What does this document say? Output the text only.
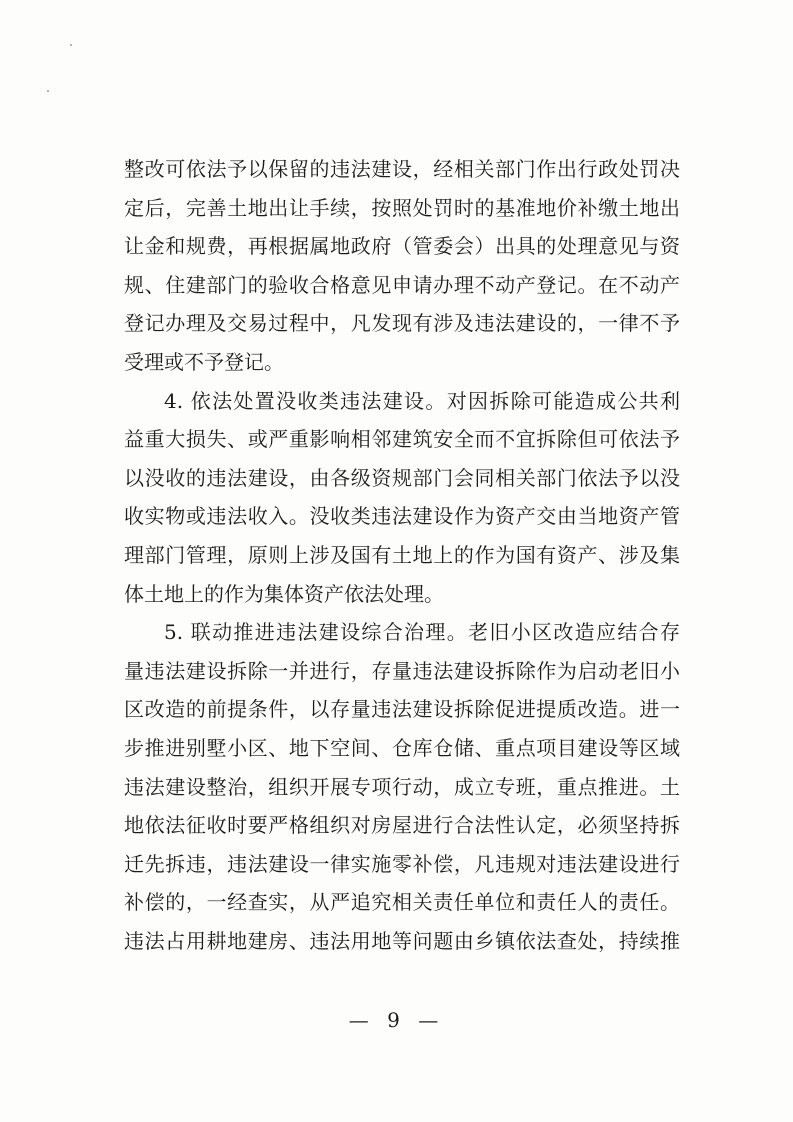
整改可依法予以保留的违法建设，经相关部门作出行政处罚决
定后，完善土地出让手续，按照处罚时的基准地价补缴土地出
让金和规费，再根据属地政府（管委会）出具的处理意见与资
规、住建部门的验收合格意见申请办理不动产登记。在不动产
登记办理及交易过程中，凡发现有涉及违法建设的，一律不予
受理或不予登记。
4. 依法处置没收类违法建设。对因拆除可能造成公共利
益重大损失、或严重影响相邻建筑安全而不宜拆除但可依法予
以没收的违法建设，由各级资规部门会同相关部门依法予以没
收实物或违法收入。没收类违法建设作为资产交由当地资产管
理部门管理，原则上涉及国有土地上的作为国有资产、涉及集
体土地上的作为集体资产依法处理。
5. 联动推进违法建设综合治理。老旧小区改造应结合存
量违法建设拆除一并进行，存量违法建设拆除作为启动老旧小
区改造的前提条件，以存量违法建设拆除促进提质改造。进一
步推进别墅小区、地下空间、仓库仓储、重点项目建设等区域
违法建设整治，组织开展专项行动，成立专班，重点推进。土
地依法征收时要严格组织对房屋进行合法性认定，必须坚持拆
迁先拆违，违法建设一律实施零补偿，凡违规对违法建设进行
补偿的，一经查实，从严追究相关责任单位和责任人的责任。
违法占用耕地建房、违法用地等问题由乡镇依法查处，持续推
— 9 —
